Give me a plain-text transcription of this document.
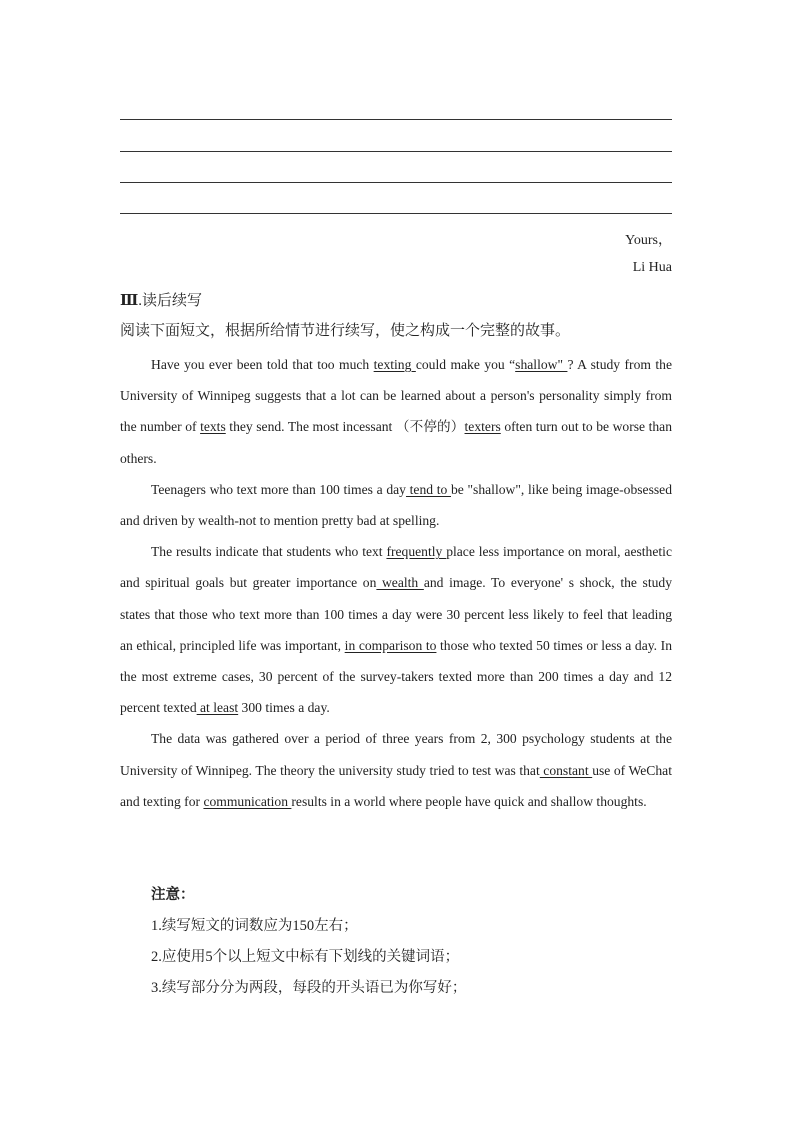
Yours，
Li Hua
Ⅲ.读后续写
阅读下面短文，根据所给情节进行续写，使之构成一个完整的故事。

Have you ever been told that too much texting could make you “shallow" ? A study from the University of Winnipeg suggests that a lot can be learned about a person's personality simply from the number of texts they send. The most incessant （不停的）texters often turn out to be worse than others.

Teenagers who text more than 100 times a day tend to be "shallow", like being image-obsessed and driven by wealth-not to mention pretty bad at spelling.

The results indicate that students who text frequently place less importance on moral, aesthetic and spiritual goals but greater importance on wealth and image. To everyone' s shock, the study states that those who text more than 100 times a day were 30 percent less likely to feel that leading an ethical, principled life was important, in comparison to those who texted 50 times or less a day. In the most extreme cases, 30 percent of the survey-takers texted more than 200 times a day and 12 percent texted at least 300 times a day.

The data was gathered over a period of three years from 2, 300 psychology students at the University of Winnipeg. The theory the university study tried to test was that constant use of WeChat and texting for communication results in a world where people have quick and shallow thoughts.

注意：
1.续写短文的词数应为150左右；
2.应使用5个以上短文中标有下划线的关键词语；
3.续写部分分为两段，每段的开头语已为你写好；
